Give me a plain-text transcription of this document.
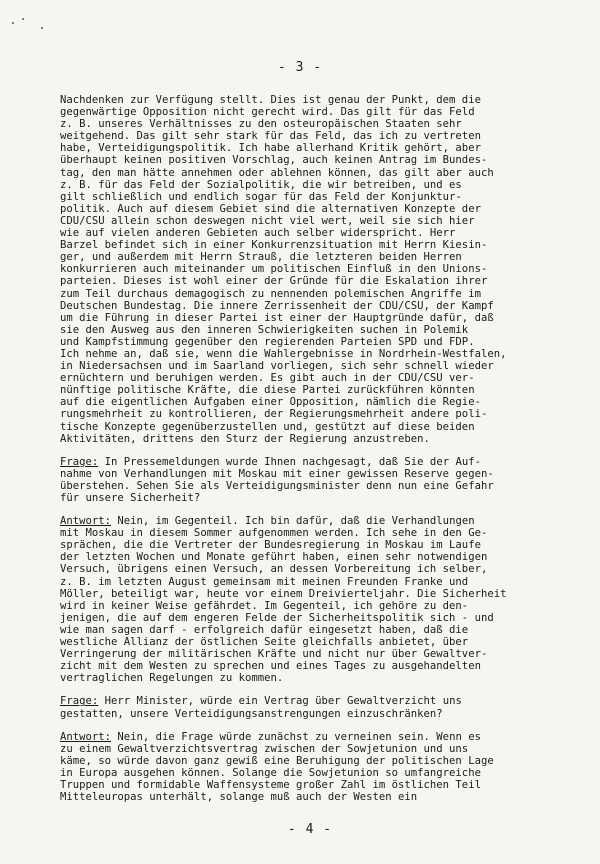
- 3 -
Nachdenken zur Verfügung stellt. Dies ist genau der Punkt, dem die
gegenwärtige Opposition nicht gerecht wird. Das gilt für das Feld
z. B. unseres Verhältnisses zu den osteuropäischen Staaten sehr
weitgehend. Das gilt sehr stark für das Feld, das ich zu vertreten
habe, Verteidigungspolitik. Ich habe allerhand Kritik gehört, aber
überhaupt keinen positiven Vorschlag, auch keinen Antrag im Bundes-
tag, den man hätte annehmen oder ablehnen können, das gilt aber auch
z. B. für das Feld der Sozialpolitik, die wir betreiben, und es
gilt schließlich und endlich sogar für das Feld der Konjunktur-
politik. Auch auf diesem Gebiet sind die alternativen Konzepte der
CDU/CSU allein schon deswegen nicht viel wert, weil sie sich hier
wie auf vielen anderen Gebieten auch selber widerspricht. Herr
Barzel befindet sich in einer Konkurrenzsituation mit Herrn Kiesin-
ger, und außerdem mit Herrn Strauß, die letzteren beiden Herren
konkurrieren auch miteinander um politischen Einfluß in den Unions-
parteien. Dieses ist wohl einer der Gründe für die Eskalation ihrer
zum Teil durchaus demagogisch zu nennenden polemischen Angriffe im
Deutschen Bundestag. Die innere Zerrissenheit der CDU/CSU, der Kampf
um die Führung in dieser Partei ist einer der Hauptgründe dafür, daß
sie den Ausweg aus den inneren Schwierigkeiten suchen in Polemik
und Kampfstimmung gegenüber den regierenden Parteien SPD und FDP.
Ich nehme an, daß sie, wenn die Wahlergebnisse in Nordrhein-Westfalen,
in Niedersachsen und im Saarland vorliegen, sich sehr schnell wieder
ernüchtern und beruhigen werden. Es gibt auch in der CDU/CSU ver-
nünftige politische Kräfte, die diese Partei zurückführen könnten
auf die eigentlichen Aufgaben einer Opposition, nämlich die Regie-
rungsmehrheit zu kontrollieren, der Regierungsmehrheit andere poli-
tische Konzepte gegenüberzustellen und, gestützt auf diese beiden
Aktivitäten, drittens den Sturz der Regierung anzustreben.
Frage: In Pressemeldungen wurde Ihnen nachgesagt, daß Sie der Auf-
nahme von Verhandlungen mit Moskau mit einer gewissen Reserve gegen-
überstehen. Sehen Sie als Verteidigungsminister denn nun eine Gefahr
für unsere Sicherheit?
Antwort: Nein, im Gegenteil. Ich bin dafür, daß die Verhandlungen
mit Moskau in diesem Sommer aufgenommen werden. Ich sehe in den Ge-
sprächen, die die Vertreter der Bundesregierung in Moskau im Laufe
der letzten Wochen und Monate geführt haben, einen sehr notwendigen
Versuch, übrigens einen Versuch, an dessen Vorbereitung ich selber,
z. B. im letzten August gemeinsam mit meinen Freunden Franke und
Möller, beteiligt war, heute vor einem Dreivierteljahr. Die Sicherheit
wird in keiner Weise gefährdet. Im Gegenteil, ich gehöre zu den-
jenigen, die auf dem engeren Felde der Sicherheitspolitik sich - und
wie man sagen darf - erfolgreich dafür eingesetzt haben, daß die
westliche Allianz der östlichen Seite gleichfalls anbietet, über
Verringerung der militärischen Kräfte und nicht nur über Gewaltver-
zicht mit dem Westen zu sprechen und eines Tages zu ausgehandelten
vertraglichen Regelungen zu kommen.
Frage: Herr Minister, würde ein Vertrag über Gewaltverzicht uns
gestatten, unsere Verteidigungsanstrengungen einzuschränken?
Antwort: Nein, die Frage würde zunächst zu verneinen sein. Wenn es
zu einem Gewaltverzichtsvertrag zwischen der Sowjetunion und uns
käme, so würde davon ganz gewiß eine Beruhigung der politischen Lage
in Europa ausgehen können. Solange die Sowjetunion so umfangreiche
Truppen und formidable Waffensysteme großer Zahl im östlichen Teil
Mitteleuropas unterhält, solange muß auch der Westen ein
- 4 -
